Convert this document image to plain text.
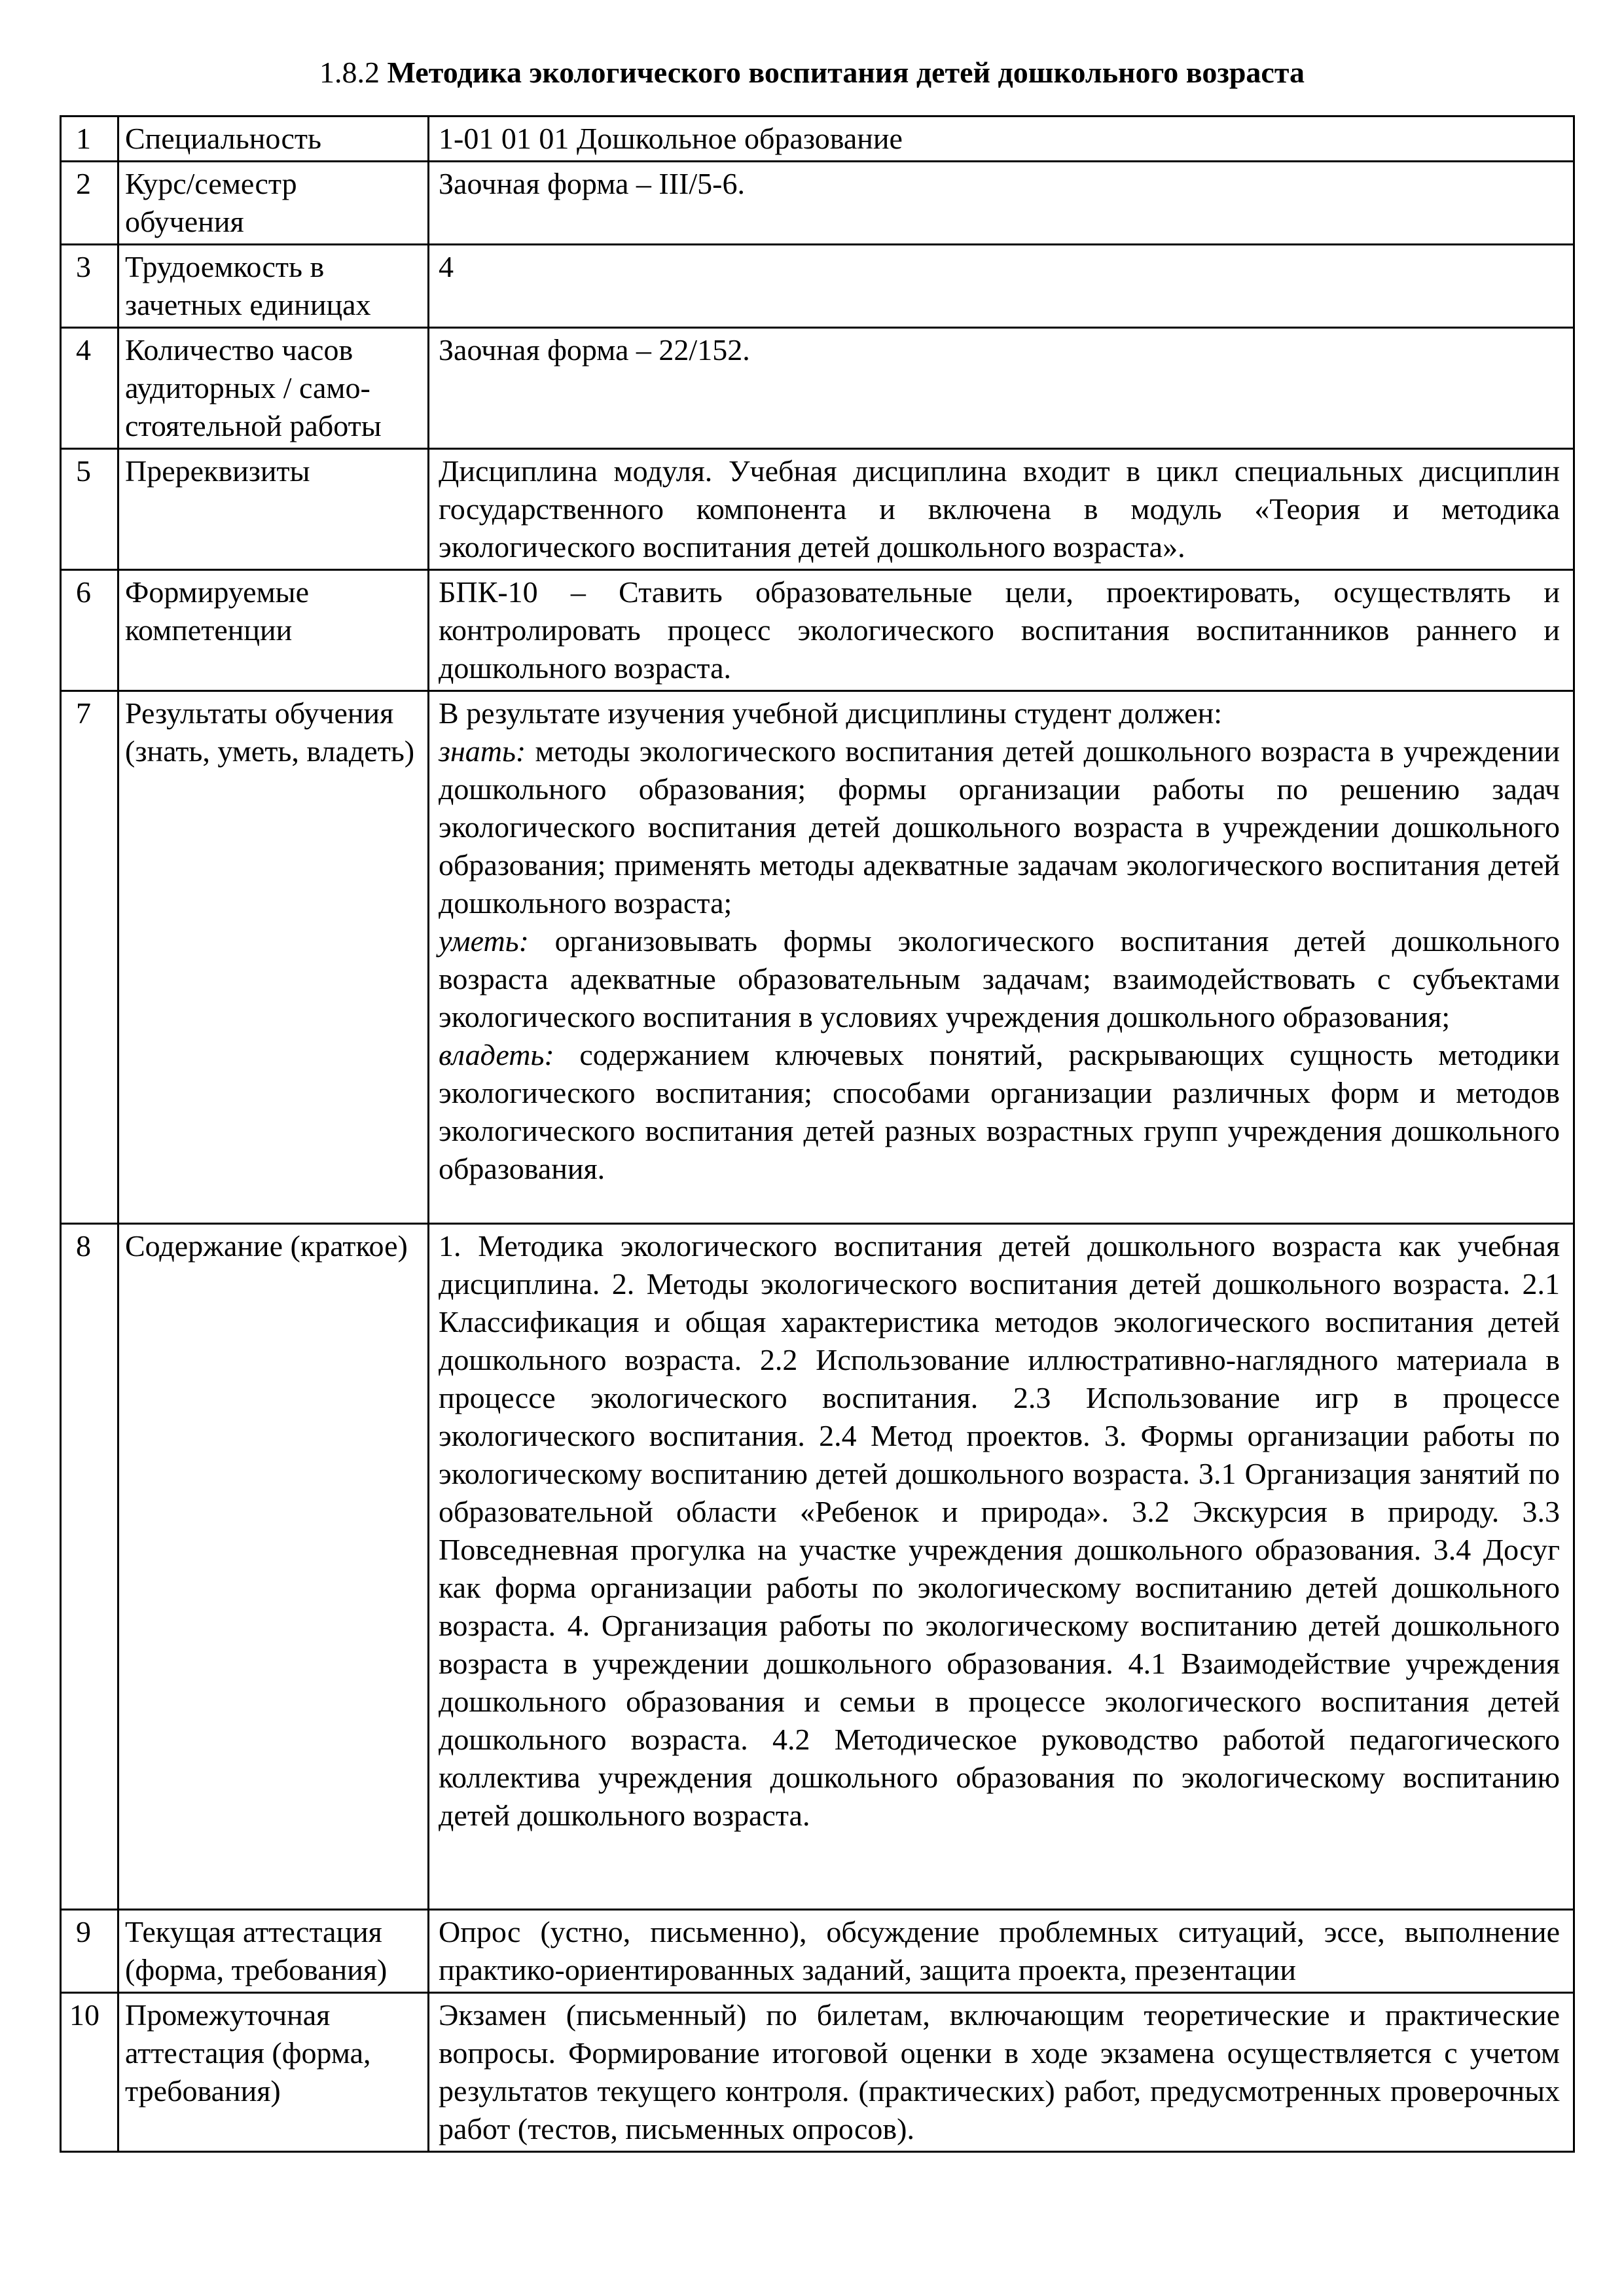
1.8.2 Методика экологического воспитания детей дошкольного возраста
1	Специальность	1-01 01 01 Дошкольное образование
2	Курс/семестр обучения	Заочная форма – III/5-6.
3	Трудоемкость в зачетных единицах	4
4	Количество часов аудиторных / само-стоятельной работы	Заочная форма – 22/152.
5	Пререквизиты	Дисциплина модуля. Учебная дисциплина входит в цикл специальных дисциплин государственного компонента и включена в модуль «Теория и методика экологического воспитания детей дошкольного возраста».
6	Формируемые компетенции	БПК-10 – Ставить образовательные цели, проектировать, осуществлять и контролировать процесс экологического воспитания воспитанников раннего и дошкольного возраста.
7	Результаты обучения (знать, уметь, владеть)	В результате изучения учебной дисциплины студент должен:
знать: методы экологического воспитания детей дошкольного возраста в учреждении дошкольного образования; формы организации работы по решению задач экологического воспитания детей дошкольного возраста в учреждении дошкольного образования; применять методы адекватные задачам экологического воспитания детей дошкольного возраста;
уметь: организовывать формы экологического воспитания детей дошкольного возраста адекватные образовательным задачам; взаимодействовать с субъектами экологического воспитания в условиях учреждения дошкольного образования;
владеть: содержанием ключевых понятий, раскрывающих сущность методики экологического воспитания; способами организации различных форм и методов экологического воспитания детей разных возрастных групп учреждения дошкольного образования.
8	Содержание (краткое)	1. Методика экологического воспитания детей дошкольного возраста как учебная дисциплина. 2. Методы экологического воспитания детей дошкольного возраста. 2.1 Классификация и общая характеристика методов экологического воспитания детей дошкольного возраста. 2.2 Использование иллюстративно-наглядного материала в процессе экологического воспитания. 2.3 Использование игр в процессе экологического воспитания. 2.4 Метод проектов. 3. Формы организации работы по экологическому воспитанию детей дошкольного возраста. 3.1 Организация занятий по образовательной области «Ребенок и природа». 3.2 Экскурсия в природу. 3.3 Повседневная прогулка на участке учреждения дошкольного образования. 3.4 Досуг как форма организации работы по экологическому воспитанию детей дошкольного возраста. 4. Организация работы по экологическому воспитанию детей дошкольного возраста в учреждении дошкольного образования. 4.1 Взаимодействие учреждения дошкольного образования и семьи в процессе экологического воспитания детей дошкольного возраста. 4.2 Методическое руководство работой педагогического коллектива учреждения дошкольного образования по экологическому воспитанию детей дошкольного возраста.
9	Текущая аттестация (форма, требования)	Опрос (устно, письменно), обсуждение проблемных ситуаций, эссе, выполнение практико-ориентированных заданий, защита проекта, презентации
10	Промежуточная аттестация (форма, требования)	Экзамен (письменный) по билетам, включающим теоретические и практические вопросы. Формирование итоговой оценки в ходе экзамена осуществляется с учетом результатов текущего контроля. (практических) работ, предусмотренных проверочных работ (тестов, письменных опросов).
